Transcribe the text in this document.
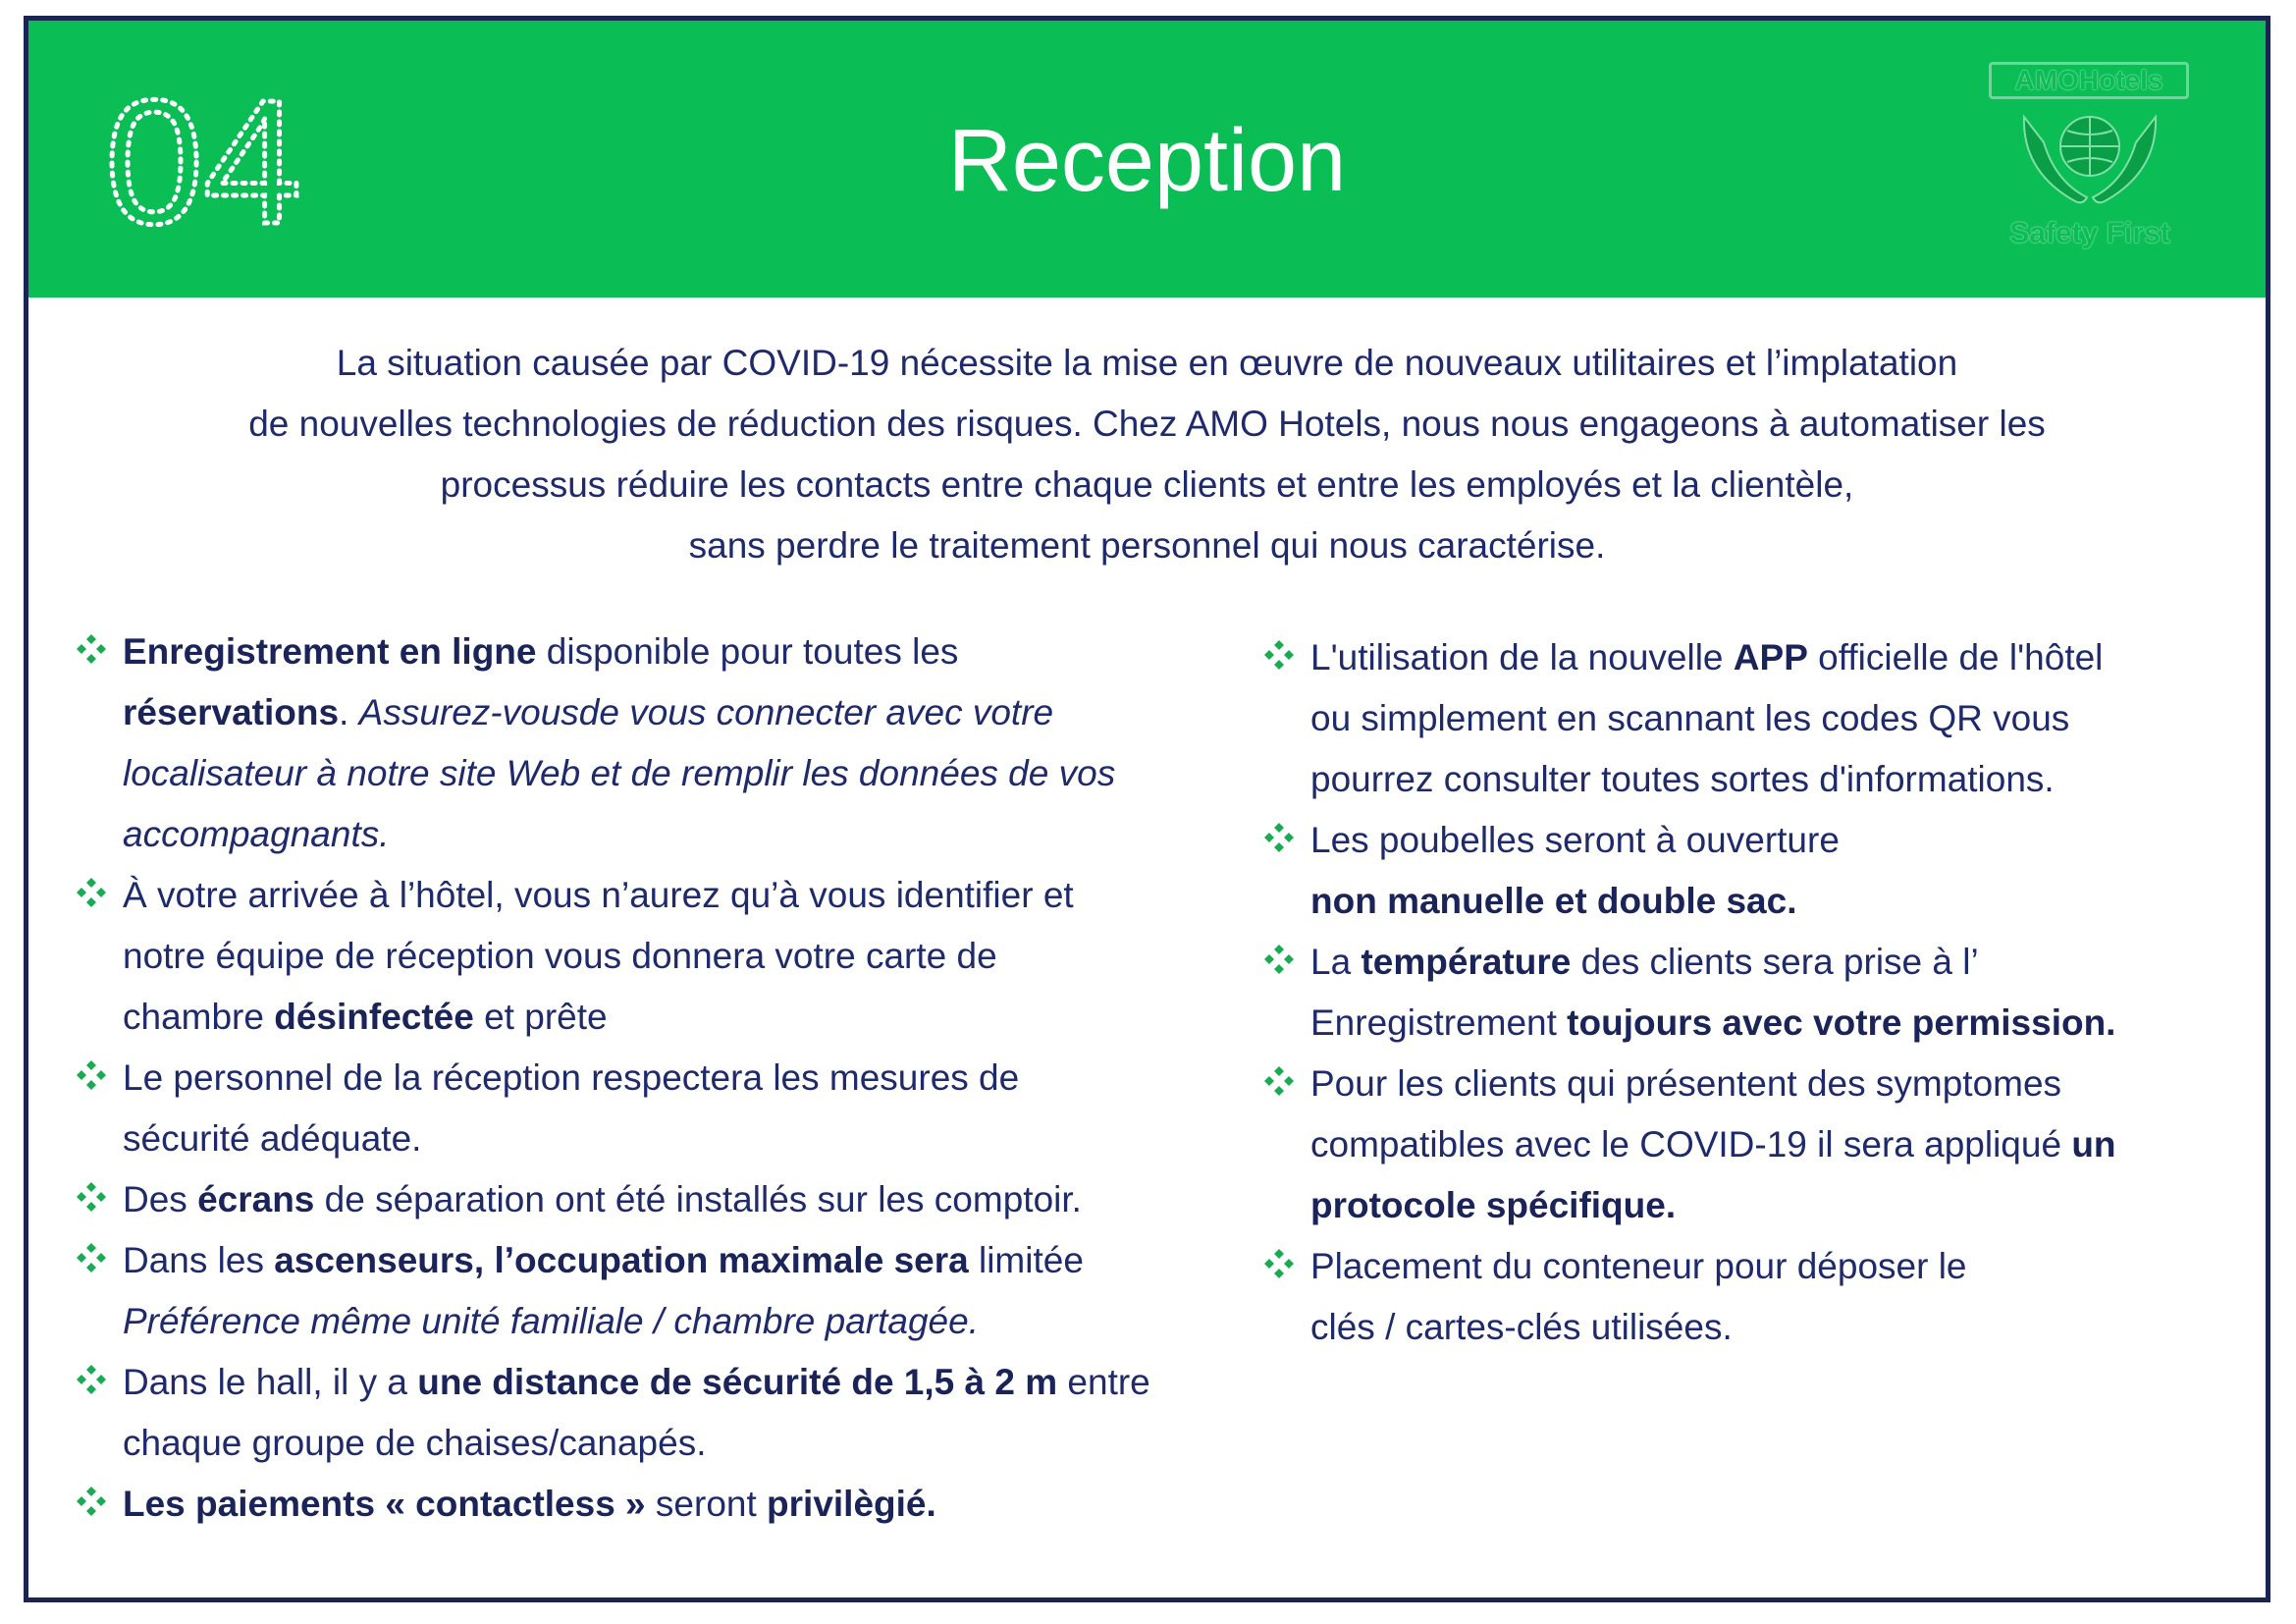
04	Reception
AMOHotels
Safety First
La situation causée par COVID-19 nécessite la mise en œuvre de nouveaux utilitaires et l’implatation
de nouvelles technologies de réduction des risques. Chez AMO Hotels, nous nous engageons à automatiser les
processus réduire les contacts entre chaque clients et entre les employés et la clientèle,
sans perdre le traitement personnel qui nous caractérise.
Enregistrement en ligne disponible pour toutes les
réservations. Assurez-vousde vous connecter avec votre
localisateur à notre site Web et de remplir les données de vos
accompagnants.
À votre arrivée à l’hôtel, vous n’aurez qu’à vous identifier et
notre équipe de réception vous donnera votre carte de
chambre désinfectée et prête
Le personnel de la réception respectera les mesures de
sécurité adéquate.
Des écrans de séparation ont été installés sur les comptoir.
Dans les ascenseurs, l’occupation maximale sera limitée
Préférence même unité familiale / chambre partagée.
Dans le hall, il y a une distance de sécurité de 1,5 à 2 m entre
chaque groupe de chaises/canapés.
Les paiements « contactless » seront privilègié.
L'utilisation de la nouvelle APP officielle de l'hôtel
ou simplement en scannant les codes QR vous
pourrez consulter toutes sortes d'informations.
Les poubelles seront à ouverture
non manuelle et double sac.
La température des clients sera prise à l’
Enregistrement toujours avec votre permission.
Pour les clients qui présentent des symptomes
compatibles avec le COVID-19 il sera appliqué un
protocole spécifique.
Placement du conteneur pour déposer le
clés / cartes-clés utilisées.
